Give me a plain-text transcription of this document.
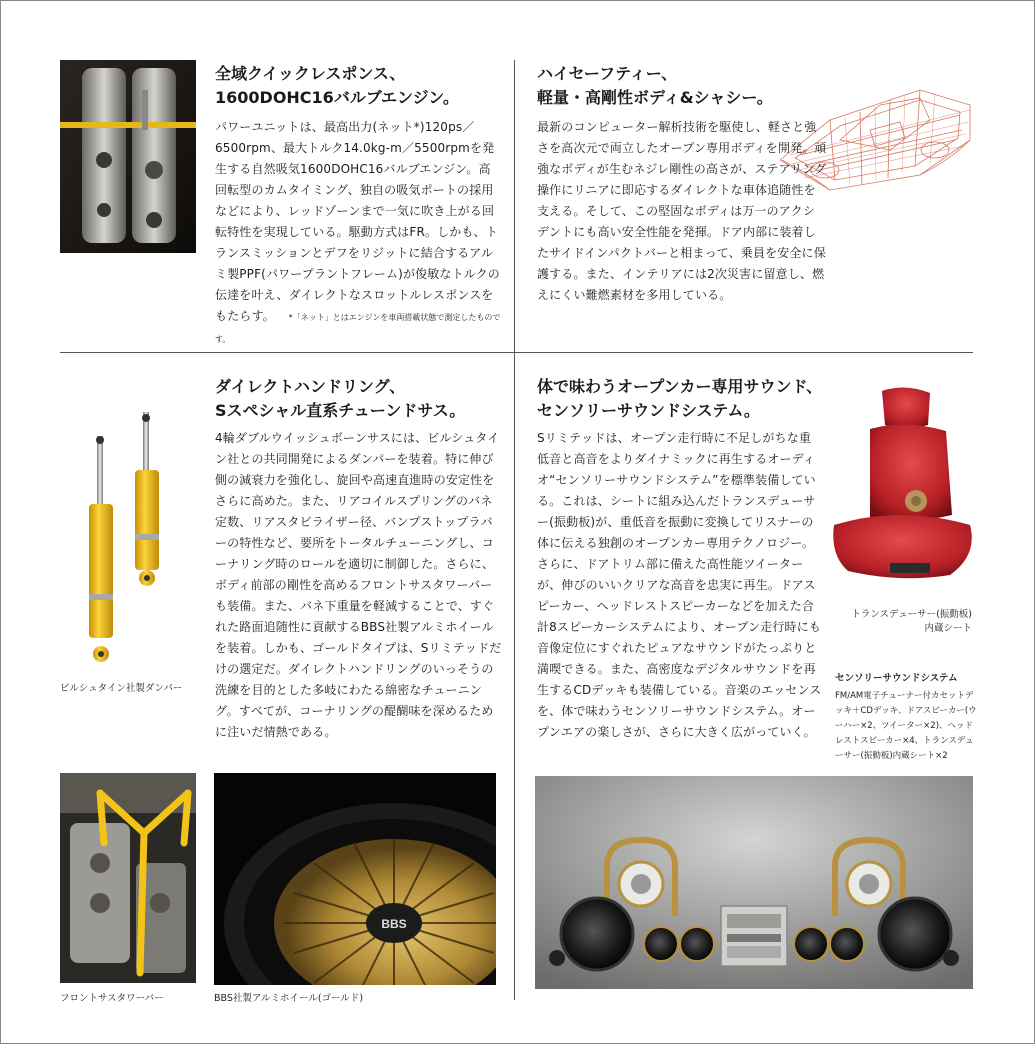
全域クイックレスポンス、
1600DOHC16バルブエンジン。
パワーユニットは、最高出力(ネット*)120ps／6500rpm、最大トルク14.0kg-m／5500rpmを発生する自然吸気1600DOHC16バルブエンジン。高回転型のカムタイミング、独自の吸気ポートの採用などにより、レッドゾーンまで一気に吹き上がる回転特性を実現している。駆動方式はFR。しかも、トランスミッションとデフをリジットに結合するアルミ製PPF(パワープラントフレーム)が俊敏なトルクの伝達を叶え、ダイレクトなスロットルレスポンスをもたらす。 *「ネット」とはエンジンを車両搭載状態で測定したものです。
ハイセーフティー、
軽量・高剛性ボディ&シャシー。
最新のコンピューター解析技術を駆使し、軽さと強さを高次元で両立したオープン専用ボディを開発。頑強なボディが生むネジレ剛性の高さが、ステアリング操作にリニアに即応するダイレクトな車体追随性を支える。そして、この堅固なボディは万一のアクシデントにも高い安全性能を発揮。ドア内部に装着したサイドインパクトバーと相まって、乗員を安全に保護する。また、インテリアには2次災害に留意し、燃えにくい難燃素材を多用している。
ビルシュタイン社製ダンパー
ダイレクトハンドリング、
Sスペシャル直系チューンドサス。
4輪ダブルウイッシュボーンサスには、ビルシュタイン社との共同開発によるダンパーを装着。特に伸び側の減衰力を強化し、旋回や高速直進時の安定性をさらに高めた。また、リアコイルスプリングのバネ定数、リアスタビライザー径、バンプストップラバーの特性など、要所をトータルチューニングし、コーナリング時のロールを適切に制御した。さらに、ボディ前部の剛性を高めるフロントサスタワーバーも装備。また、バネ下重量を軽減することで、すぐれた路面追随性に貢献するBBS社製アルミホイールを装着。しかも、ゴールドタイプは、Sリミテッドだけの選定だ。ダイレクトハンドリングのいっそうの洗練を目的とした多岐にわたる綿密なチューニング。すべてが、コーナリングの醍醐味を深めるために注いだ情熱である。
体で味わうオープンカー専用サウンド、
センソリーサウンドシステム。
Sリミテッドは、オープン走行時に不足しがちな重低音と高音をよりダイナミックに再生するオーディオ“センソリーサウンドシステム”を標準装備している。これは、シートに組み込んだトランスデューサー(振動板)が、重低音を振動に変換してリスナーの体に伝える独創のオープンカー専用テクノロジー。さらに、ドアトリム部に備えた高性能ツイーターが、伸びのいいクリアな高音を忠実に再生。ドアスピーカー、ヘッドレストスピーカーなどを加えた合計8スピーカーシステムにより、オープン走行時にも音像定位にすぐれたピュアなサウンドがたっぷりと満喫できる。また、高密度なデジタルサウンドを再生するCDデッキも装備している。音楽のエッセンスを、体で味わうセンソリーサウンドシステム。オープンエアの楽しさが、さらに大きく広がっていく。
トランスデューサー(振動板)
内蔵シート
センソリーサウンドシステム
FM/AM電子チューナー付カセットデッキ＋CDデッキ、ドアスピーカー(ウーハー×2、ツイーター×2)、ヘッドレストスピーカー×4、トランスデューサー(振動板)内蔵シート×2
フロントサスタワーバー
BBS
BBS社製アルミホイール(ゴールド)
